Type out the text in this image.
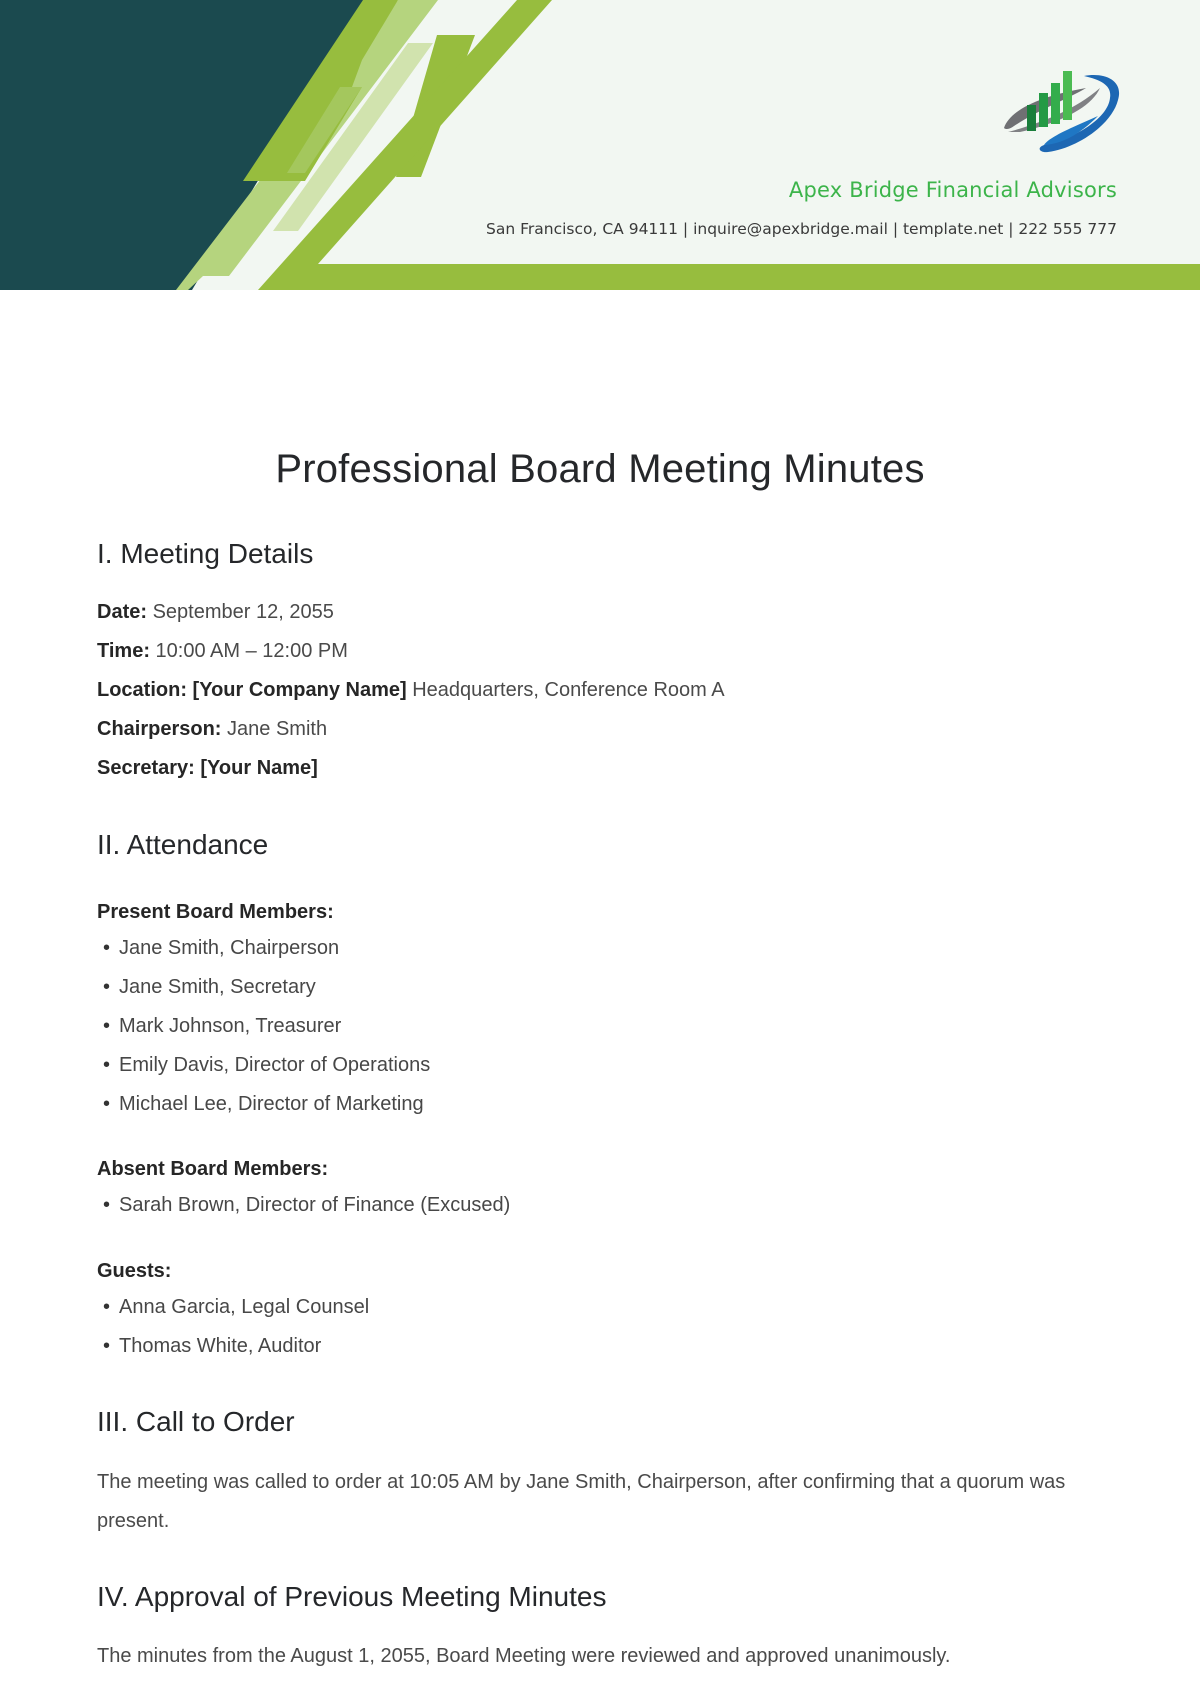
Apex Bridge Financial Advisors
San Francisco, CA 94111 | inquire@apexbridge.mail | template.net | 222 555 777
Professional Board Meeting Minutes
I. Meeting Details
Date: September 12, 2055
Time: 10:00 AM – 12:00 PM
Location: [Your Company Name] Headquarters, Conference Room A
Chairperson: Jane Smith
Secretary: [Your Name]
II. Attendance
Present Board Members:
• Jane Smith, Chairperson
• Jane Smith, Secretary
• Mark Johnson, Treasurer
• Emily Davis, Director of Operations
• Michael Lee, Director of Marketing
Absent Board Members:
• Sarah Brown, Director of Finance (Excused)
Guests:
• Anna Garcia, Legal Counsel
• Thomas White, Auditor
III. Call to Order

The meeting was called to order at 10:05 AM by Jane Smith, Chairperson, after confirming that a quorum was present.

IV. Approval of Previous Meeting Minutes

The minutes from the August 1, 2055, Board Meeting were reviewed and approved unanimously.
